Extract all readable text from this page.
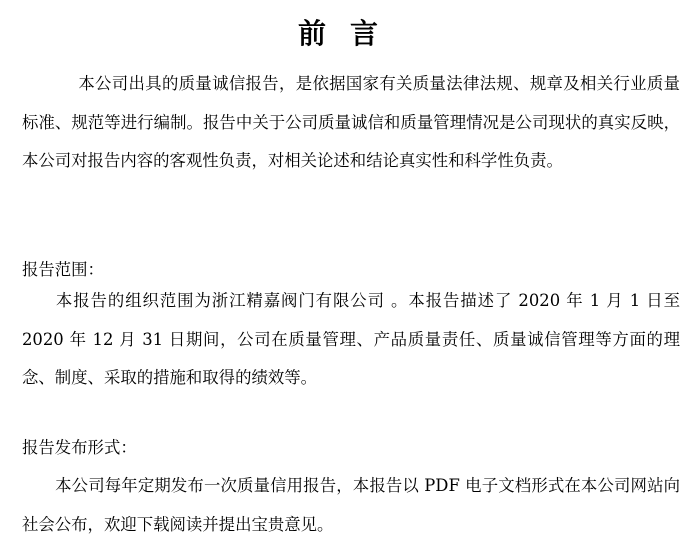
前言
本公司出具的质量诚信报告，是依据国家有关质量法律法规、规章及相关行业质量标准、规范等进行编制。报告中关于公司质量诚信和质量管理情况是公司现状的真实反映，本公司对报告内容的客观性负责，对相关论述和结论真实性和科学性负责。
报告范围：
本报告的组织范围为浙江精嘉阀门有限公司 。本报告描述了 2020 年 1 月 1 日至 2020 年 12 月 31 日期间，公司在质量管理、产品质量责任、质量诚信管理等方面的理念、制度、采取的措施和取得的绩效等。
报告发布形式：
本公司每年定期发布一次质量信用报告，本报告以 PDF 电子文档形式在本公司网站向社会公布，欢迎下载阅读并提出宝贵意见。
